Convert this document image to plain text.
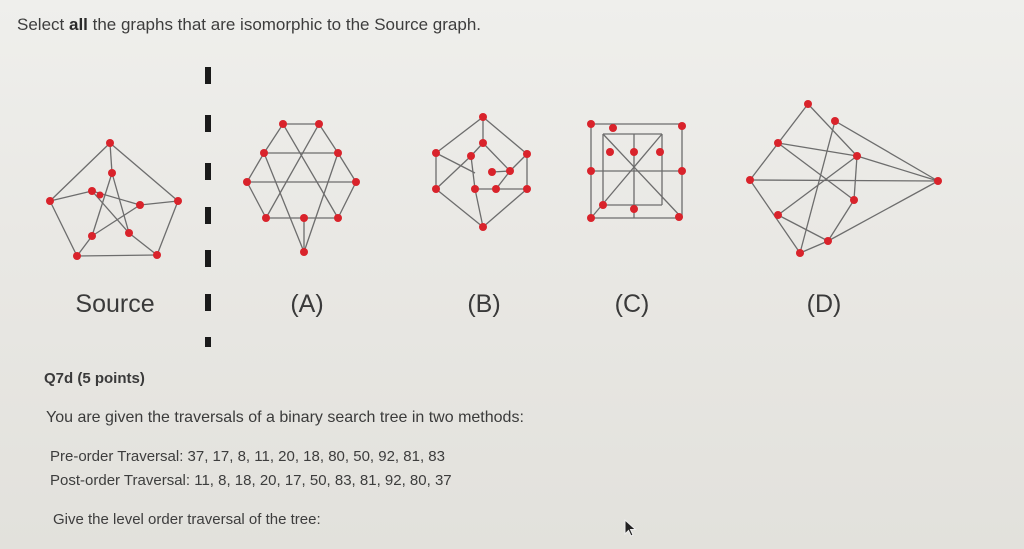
Select all the graphs that are isomorphic to the Source graph.
Source	(A)	(B)	(C)	(D)
Q7d (5 points)
You are given the traversals of a binary search tree in two methods:
Pre-order Traversal: 37, 17, 8, 11, 20, 18, 80, 50, 92, 81, 83
Post-order Traversal: 11, 8, 18, 20, 17, 50, 83, 81, 92, 80, 37
Give the level order traversal of the tree:
